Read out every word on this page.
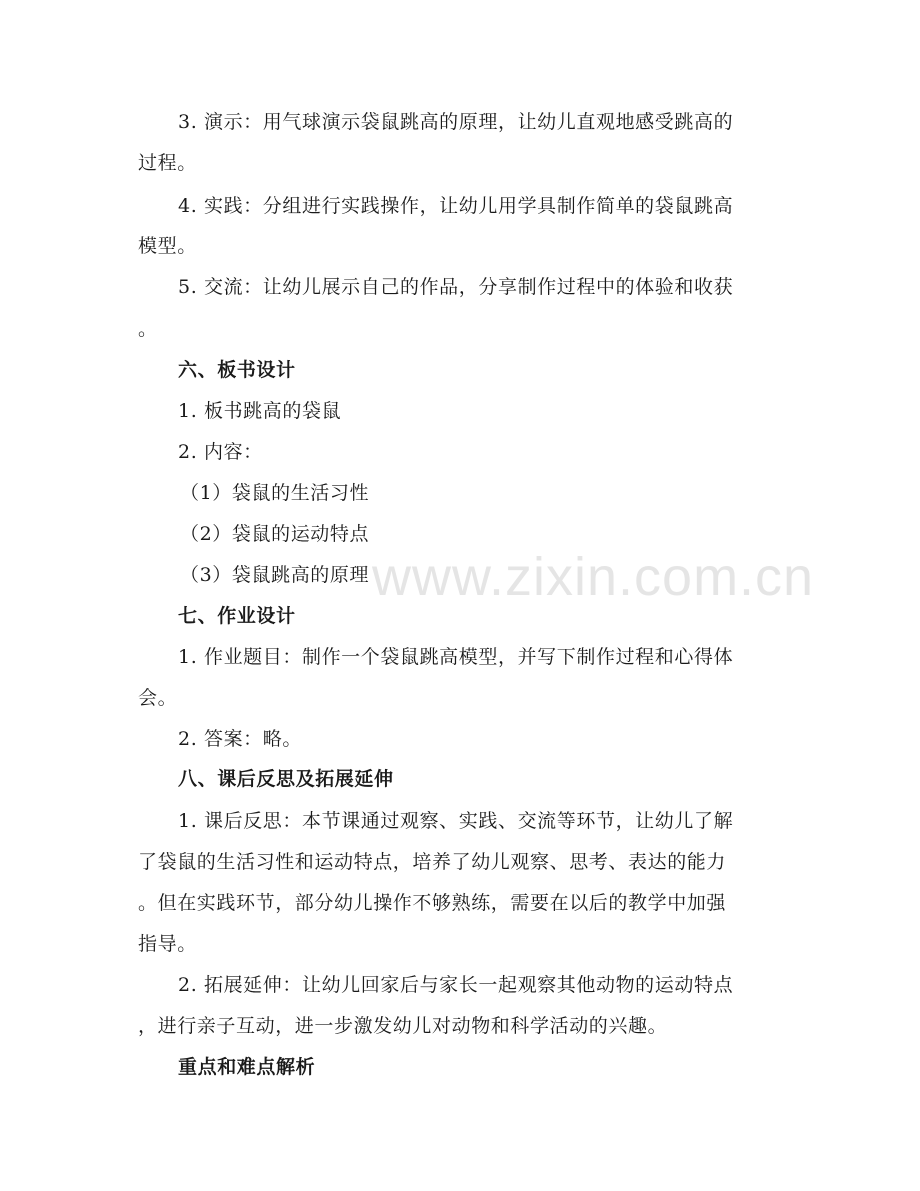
3. 演示：用气球演示袋鼠跳高的原理，让幼儿直观地感受跳高的
过程。
4. 实践：分组进行实践操作，让幼儿用学具制作简单的袋鼠跳高
模型。
5. 交流：让幼儿展示自己的作品，分享制作过程中的体验和收获
。
六、板书设计
1. 板书跳高的袋鼠
2. 内容：
（1）袋鼠的生活习性
（2）袋鼠的运动特点
（3）袋鼠跳高的原理
七、作业设计
1. 作业题目：制作一个袋鼠跳高模型，并写下制作过程和心得体
会。
2. 答案：略。
八、课后反思及拓展延伸
1. 课后反思：本节课通过观察、实践、交流等环节，让幼儿了解
了袋鼠的生活习性和运动特点，培养了幼儿观察、思考、表达的能力
。但在实践环节，部分幼儿操作不够熟练，需要在以后的教学中加强
指导。
2. 拓展延伸：让幼儿回家后与家长一起观察其他动物的运动特点
，进行亲子互动，进一步激发幼儿对动物和科学活动的兴趣。
重点和难点解析
www.zixin.com.cn
